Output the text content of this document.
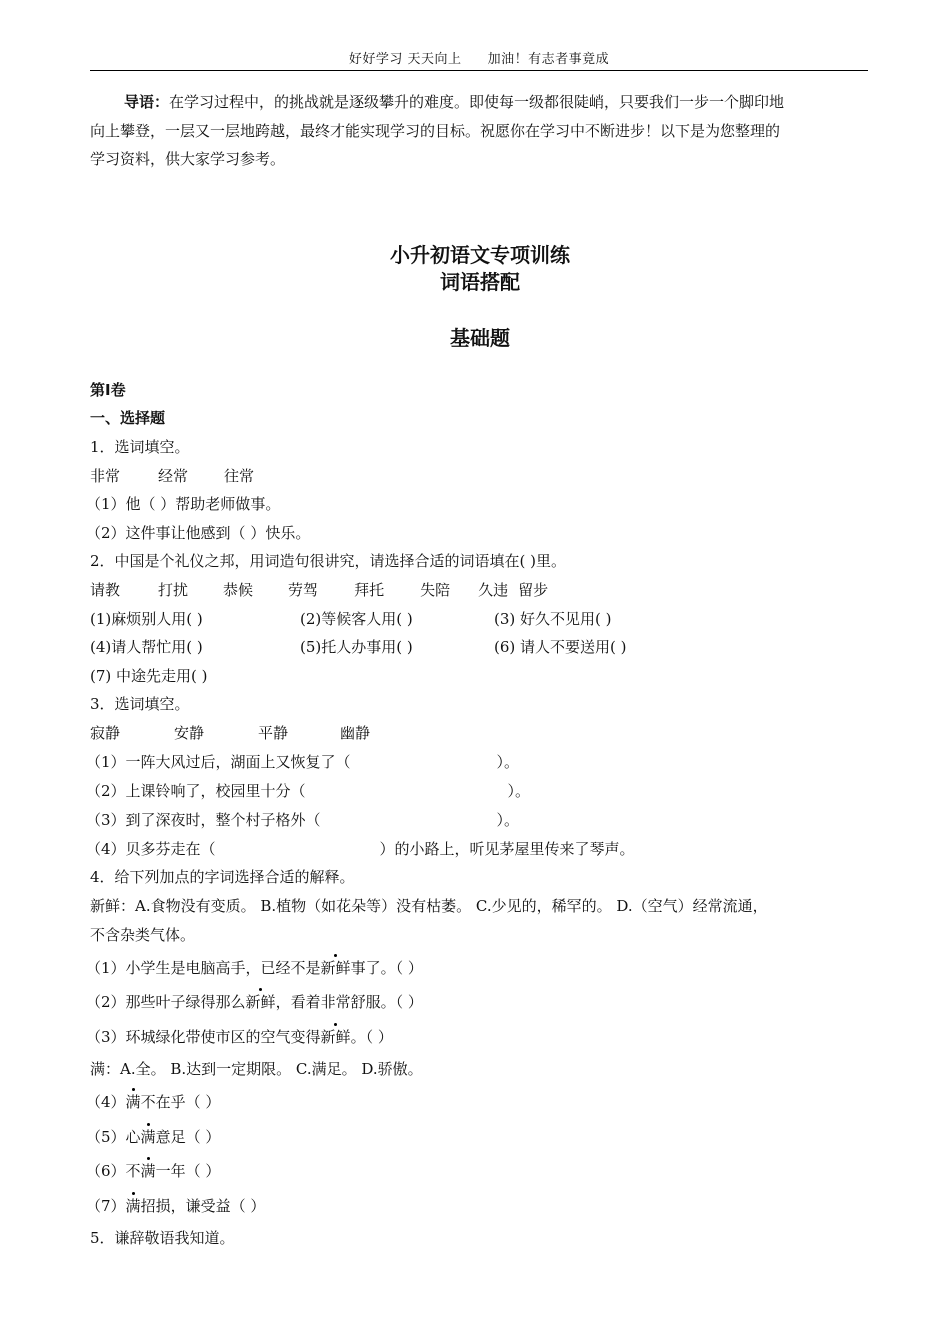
好好学习 天天向上 加油！有志者事竟成
导语：在学习过程中，的挑战就是逐级攀升的难度。即使每一级都很陡峭，只要我们一步一个脚印地
向上攀登，一层又一层地跨越，最终才能实现学习的目标。祝愿你在学习中不断进步！以下是为您整理的
学习资料，供大家学习参考。
小升初语文专项训练
词语搭配
基础题
第Ⅰ卷
一、选择题
1．选词填空。
非常	经常 往常
（1）他（ ）帮助老师做事。
（2）这件事让他感到（ ）快乐。
2．中国是个礼仪之邦，用词造句很讲究，请选择合适的词语填在( )里。
请教	打扰 恭候 劳驾 拜托 失陪 久违 留步
(1)麻烦别人用( )	(2)等候客人用( )	(3) 好久不见用( )
(4)请人帮忙用( )	(5)托人办事用( )	(6) 请人不要送用( )
(7) 中途先走用( )
3．选词填空。
寂静	安静	平静	幽静
（1）一阵大风过后，湖面上又恢复了（	）。
（2）上课铃响了，校园里十分（	）。
（3）到了深夜时，整个村子格外（	）。
（4）贝多芬走在（	）的小路上，听见茅屋里传来了琴声。
4．给下列加点的字词选择合适的解释。
新鲜：A.食物没有变质。 B.植物（如花朵等）没有枯萎。 C.少见的，稀罕的。 D.（空气）经常流通，
不含杂类气体。
（1）小学生是电脑高手，已经不是新鲜事了。（ ）
（2）那些叶子绿得那么新鲜，看着非常舒服。（ ）
（3）环城绿化带使市区的空气变得新鲜。（ ）
满：A.全。 B.达到一定期限。 C.满足。 D.骄傲。
（4）满不在乎（ ）
（5）心满意足（ ）
（6）不满一年（ ）
（7）满招损，谦受益（ ）
5．谦辞敬语我知道。
